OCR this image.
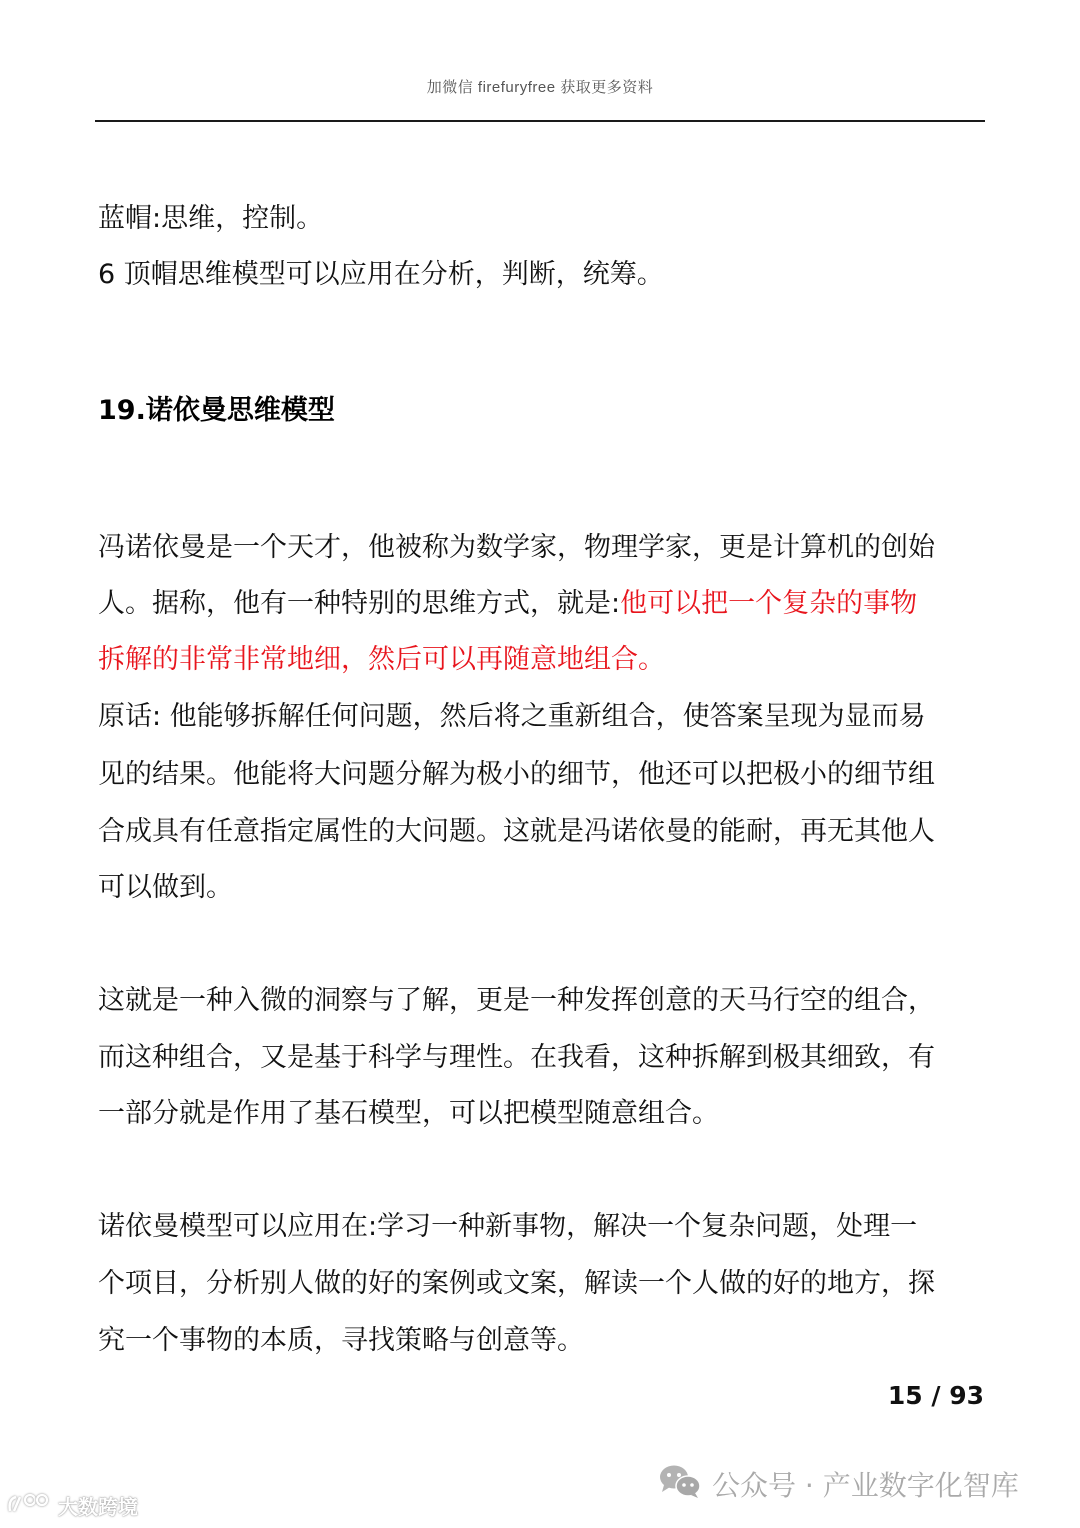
加微信 firefuryfree 获取更多资料
蓝帽:思维，控制。
6 顶帽思维模型可以应用在分析，判断，统筹。
19.诺依曼思维模型
冯诺依曼是一个天才，他被称为数学家，物理学家，更是计算机的创始
人。据称，他有一种特别的思维方式，就是:他可以把一个复杂的事物
拆解的非常非常地细，然后可以再随意地组合。
原话: 他能够拆解任何问题，然后将之重新组合，使答案呈现为显而易
见的结果。他能将大问题分解为极小的细节，他还可以把极小的细节组
合成具有任意指定属性的大问题。这就是冯诺依曼的能耐，再无其他人
可以做到。
这就是一种入微的洞察与了解，更是一种发挥创意的天马行空的组合，
而这种组合，又是基于科学与理性。在我看，这种拆解到极其细致，有
一部分就是作用了基石模型，可以把模型随意组合。
诺依曼模型可以应用在:学习一种新事物，解决一个复杂问题，处理一
个项目，分析别人做的好的案例或文案，解读一个人做的好的地方，探
究一个事物的本质，寻找策略与创意等。
15 / 93
公众号 · 产业数字化智库
大数跨境
